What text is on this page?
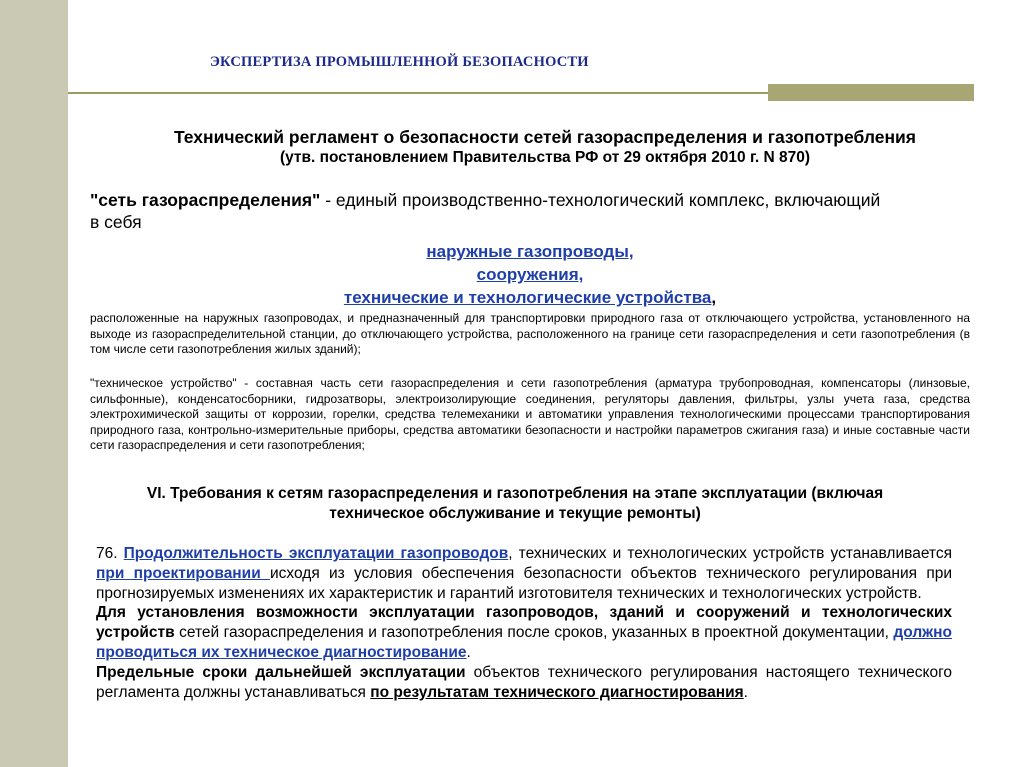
ЭКСПЕРТИЗА ПРОМЫШЛЕННОЙ БЕЗОПАСНОСТИ
Технический регламент о безопасности сетей газораспределения и газопотребления
(утв. постановлением Правительства РФ от 29 октября 2010 г. N 870)
"сеть газораспределения" - единый производственно-технологический комплекс, включающий в себя
наружные газопроводы,
сооружения,
технические и технологические устройства,
расположенные на наружных газопроводах, и предназначенный для транспортировки природного газа от отключающего устройства, установленного на выходе из газораспределительной станции, до отключающего устройства, расположенного на границе сети газораспределения и сети газопотребления (в том числе сети газопотребления жилых зданий);
"техническое устройство" - составная часть сети газораспределения и сети газопотребления (арматура трубопроводная, компенсаторы (линзовые, сильфонные), конденсатосборники, гидрозатворы, электроизолирующие соединения, регуляторы давления, фильтры, узлы учета газа, средства электрохимической защиты от коррозии, горелки, средства телемеханики и автоматики управления технологическими процессами транспортирования природного газа, контрольно-измерительные приборы, средства автоматики безопасности и настройки параметров сжигания газа) и иные составные части сети газораспределения и сети газопотребления;
VI. Требования к сетям газораспределения и газопотребления на этапе эксплуатации (включая техническое обслуживание и текущие ремонты)

76. Продолжительность эксплуатации газопроводов, технических и технологических устройств устанавливается при проектировании исходя из условия обеспечения безопасности объектов технического регулирования при прогнозируемых изменениях их характеристик и гарантий изготовителя технических и технологических устройств.

Для установления возможности эксплуатации газопроводов, зданий и сооружений и технологических устройств сетей газораспределения и газопотребления после сроков, указанных в проектной документации, должно проводиться их техническое диагностирование.

Предельные сроки дальнейшей эксплуатации объектов технического регулирования настоящего технического регламента должны устанавливаться по результатам технического диагностирования.
